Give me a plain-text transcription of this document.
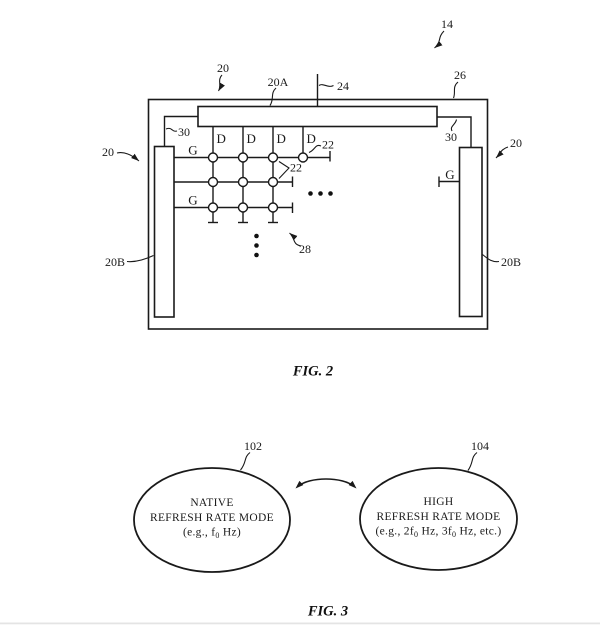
14
20
20A	24
26
30	30
20
20
20B	20B
22
22
28
D D D D
G
G
G
FIG. 2
102	104
NATIVE
REFRESH RATE MODE
(e.g., $f_0$ Hz)
HIGH
REFRESH RATE MODE
(e.g., $2f_0$ Hz, $3f_0$ Hz, etc.)
FIG. 3
